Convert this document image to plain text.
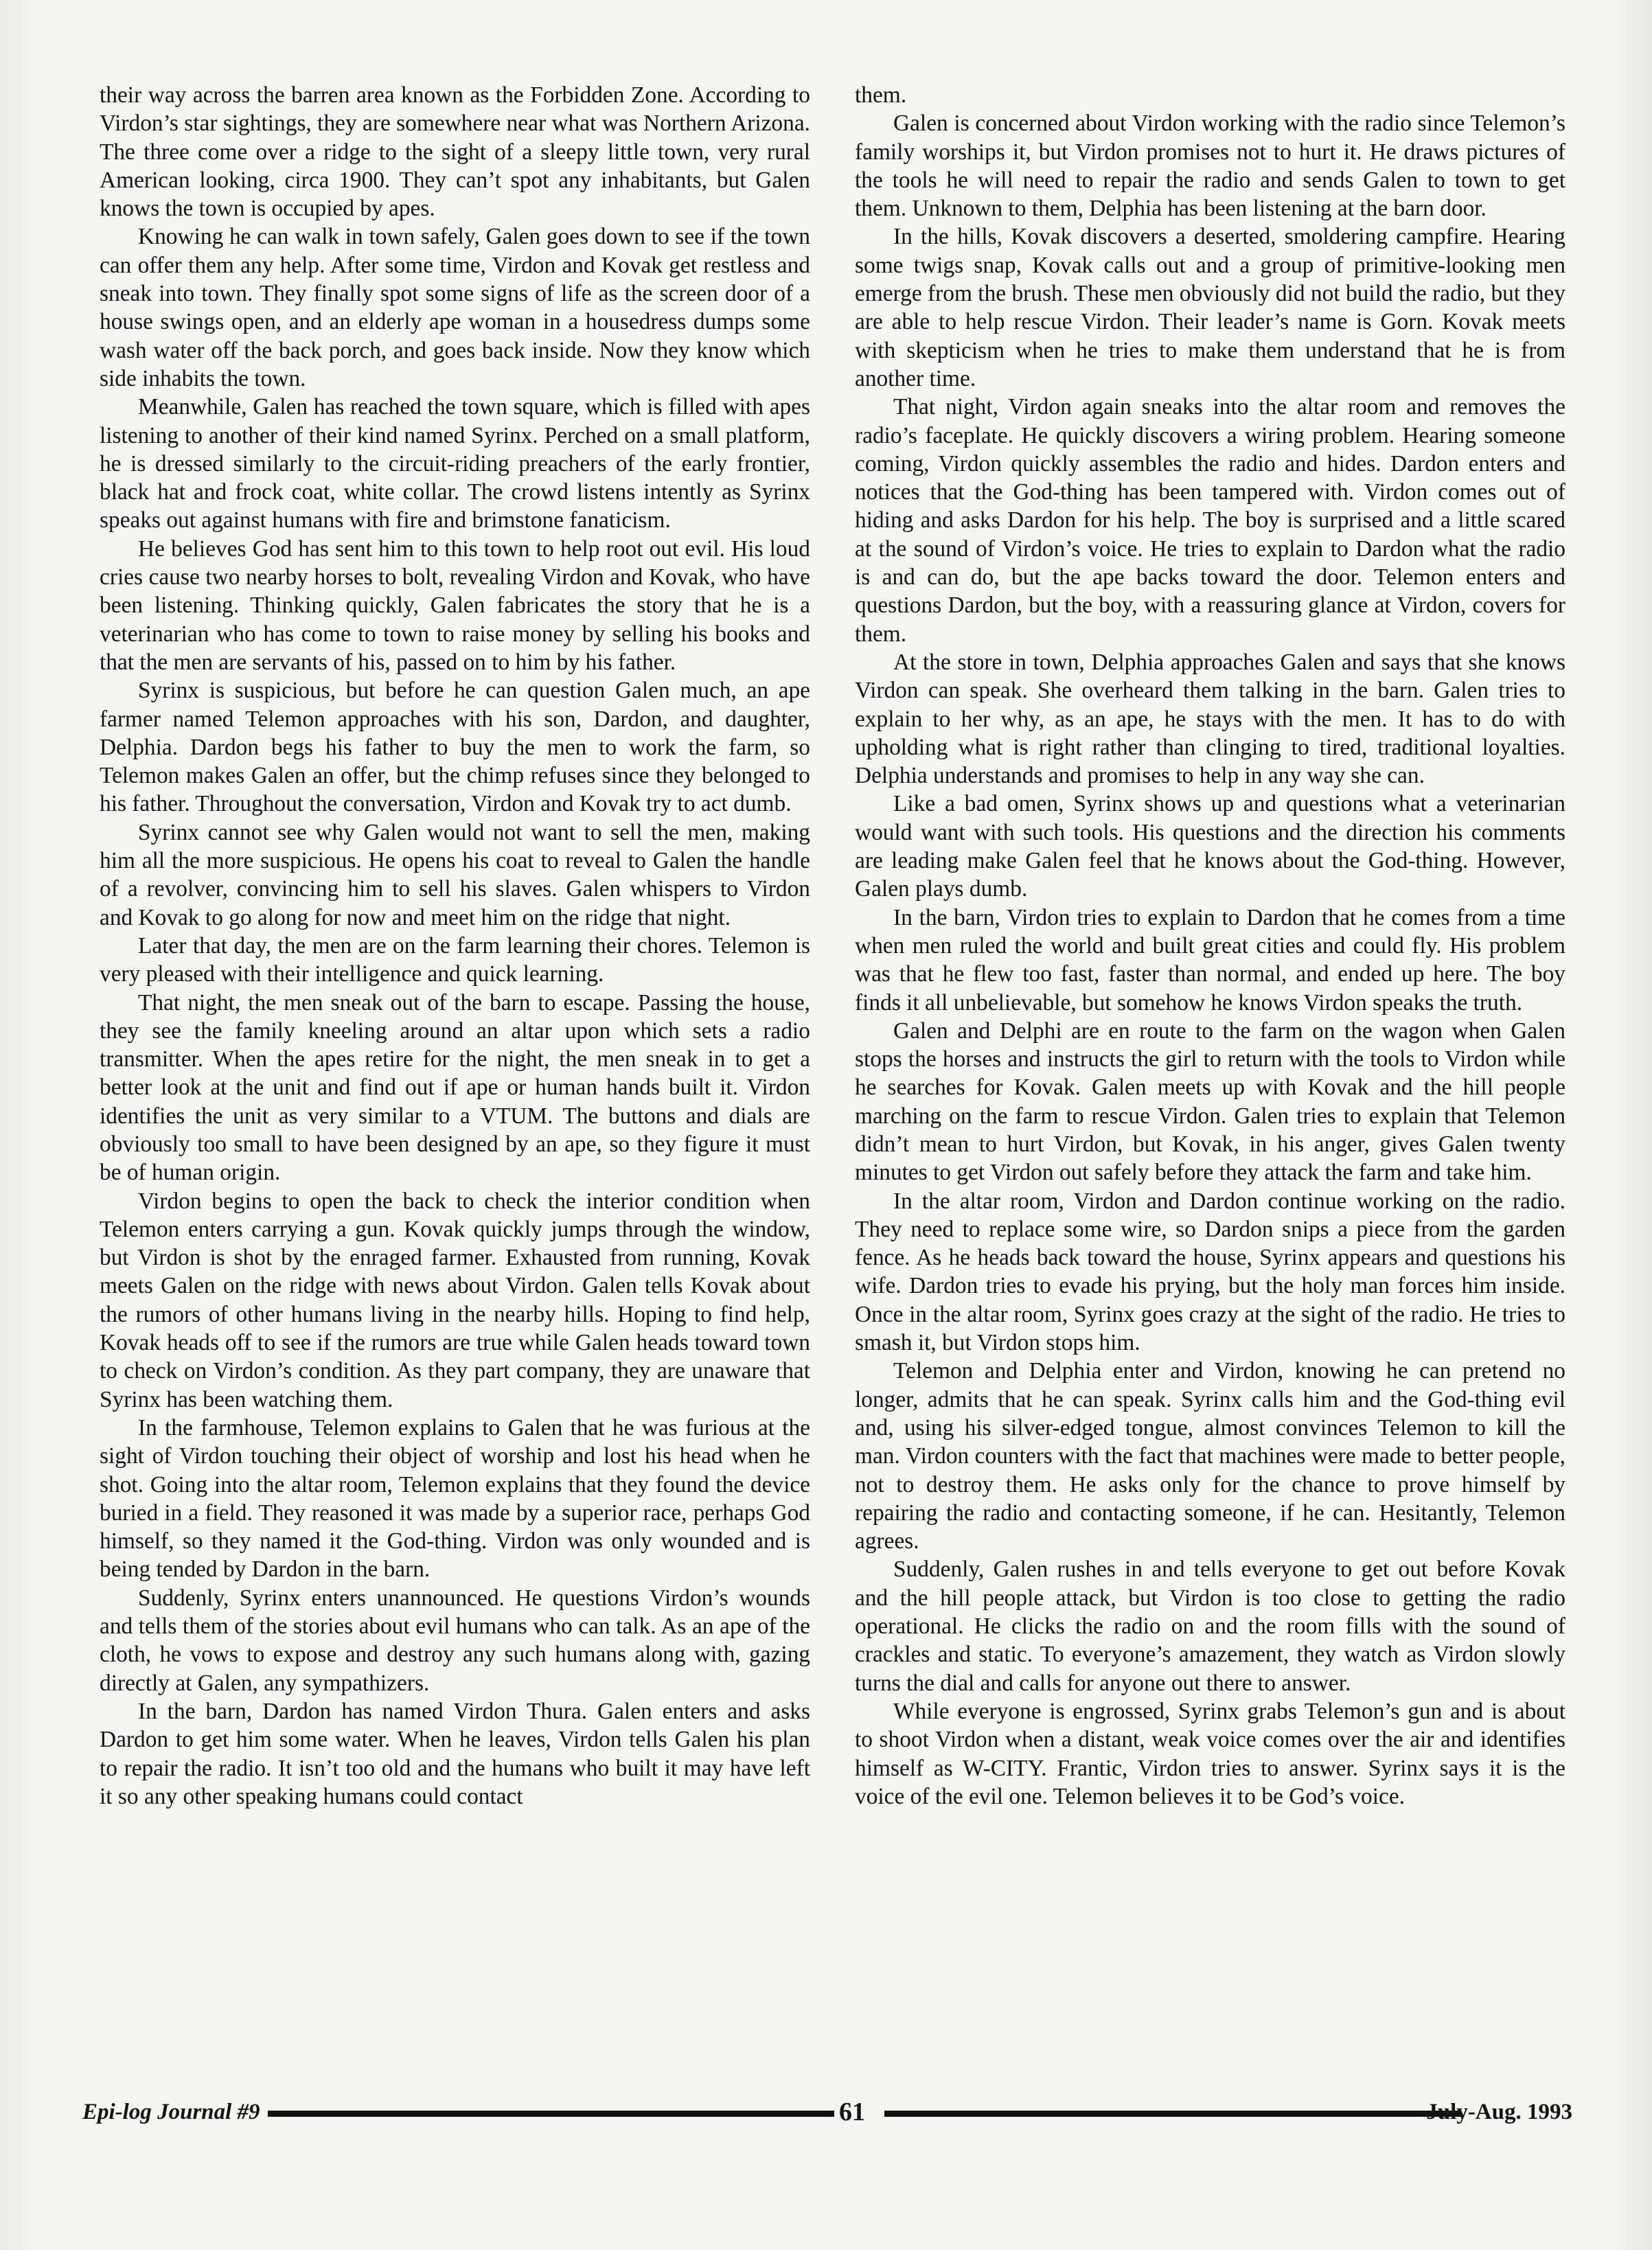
their way across the barren area known as the Forbidden Zone. According to Virdon’s star sightings, they are somewhere near what was Northern Arizona. The three come over a ridge to the sight of a sleepy little town, very rural American looking, circa 1900. They can’t spot any inhabitants, but Galen knows the town is occupied by apes.

Knowing he can walk in town safely, Galen goes down to see if the town can offer them any help. After some time, Virdon and Kovak get restless and sneak into town. They finally spot some signs of life as the screen door of a house swings open, and an elderly ape woman in a housedress dumps some wash water off the back porch, and goes back inside. Now they know which side inhabits the town.

Meanwhile, Galen has reached the town square, which is filled with apes listening to another of their kind named Syrinx. Perched on a small platform, he is dressed similarly to the circuit-riding preachers of the early frontier, black hat and frock coat, white collar. The crowd listens intently as Syrinx speaks out against humans with fire and brimstone fanaticism.

He believes God has sent him to this town to help root out evil. His loud cries cause two nearby horses to bolt, revealing Virdon and Kovak, who have been listening. Thinking quickly, Galen fabricates the story that he is a veterinarian who has come to town to raise money by selling his books and that the men are servants of his, passed on to him by his father.

Syrinx is suspicious, but before he can question Galen much, an ape farmer named Telemon approaches with his son, Dardon, and daughter, Delphia. Dardon begs his father to buy the men to work the farm, so Telemon makes Galen an offer, but the chimp refuses since they belonged to his father. Throughout the conversation, Virdon and Kovak try to act dumb.

Syrinx cannot see why Galen would not want to sell the men, making him all the more suspicious. He opens his coat to reveal to Galen the handle of a revolver, convincing him to sell his slaves. Galen whispers to Virdon and Kovak to go along for now and meet him on the ridge that night.

Later that day, the men are on the farm learning their chores. Telemon is very pleased with their intelligence and quick learning.

That night, the men sneak out of the barn to escape. Passing the house, they see the family kneeling around an altar upon which sets a radio transmitter. When the apes retire for the night, the men sneak in to get a better look at the unit and find out if ape or human hands built it. Virdon identifies the unit as very similar to a VTUM. The buttons and dials are obviously too small to have been designed by an ape, so they figure it must be of human origin.

Virdon begins to open the back to check the interior condition when Telemon enters carrying a gun. Kovak quickly jumps through the window, but Virdon is shot by the enraged farmer. Exhausted from running, Kovak meets Galen on the ridge with news about Virdon. Galen tells Kovak about the rumors of other humans living in the nearby hills. Hoping to find help, Kovak heads off to see if the rumors are true while Galen heads toward town to check on Virdon’s condition. As they part company, they are unaware that Syrinx has been watching them.

In the farmhouse, Telemon explains to Galen that he was furious at the sight of Virdon touching their object of worship and lost his head when he shot. Going into the altar room, Telemon explains that they found the device buried in a field. They reasoned it was made by a superior race, perhaps God himself, so they named it the God-thing. Virdon was only wounded and is being tended by Dardon in the barn.

Suddenly, Syrinx enters unannounced. He questions Virdon’s wounds and tells them of the stories about evil humans who can talk. As an ape of the cloth, he vows to expose and destroy any such humans along with, gazing directly at Galen, any sympathizers.

In the barn, Dardon has named Virdon Thura. Galen enters and asks Dardon to get him some water. When he leaves, Virdon tells Galen his plan to repair the radio. It isn’t too old and the humans who built it may have left it so any other speaking humans could contact

them.

Galen is concerned about Virdon working with the radio since Telemon’s family worships it, but Virdon promises not to hurt it. He draws pictures of the tools he will need to repair the radio and sends Galen to town to get them. Unknown to them, Delphia has been listening at the barn door.

In the hills, Kovak discovers a deserted, smoldering campfire. Hearing some twigs snap, Kovak calls out and a group of primitive-looking men emerge from the brush. These men obviously did not build the radio, but they are able to help rescue Virdon. Their leader’s name is Gorn. Kovak meets with skepticism when he tries to make them understand that he is from another time.

That night, Virdon again sneaks into the altar room and removes the radio’s faceplate. He quickly discovers a wiring problem. Hearing someone coming, Virdon quickly assembles the radio and hides. Dardon enters and notices that the God-thing has been tampered with. Virdon comes out of hiding and asks Dardon for his help. The boy is surprised and a little scared at the sound of Virdon’s voice. He tries to explain to Dardon what the radio is and can do, but the ape backs toward the door. Telemon enters and questions Dardon, but the boy, with a reassuring glance at Virdon, covers for them.

At the store in town, Delphia approaches Galen and says that she knows Virdon can speak. She overheard them talking in the barn. Galen tries to explain to her why, as an ape, he stays with the men. It has to do with upholding what is right rather than clinging to tired, traditional loyalties. Delphia understands and promises to help in any way she can.

Like a bad omen, Syrinx shows up and questions what a veterinarian would want with such tools. His questions and the direction his comments are leading make Galen feel that he knows about the God-thing. However, Galen plays dumb.

In the barn, Virdon tries to explain to Dardon that he comes from a time when men ruled the world and built great cities and could fly. His problem was that he flew too fast, faster than normal, and ended up here. The boy finds it all unbelievable, but somehow he knows Virdon speaks the truth.

Galen and Delphi are en route to the farm on the wagon when Galen stops the horses and instructs the girl to return with the tools to Virdon while he searches for Kovak. Galen meets up with Kovak and the hill people marching on the farm to rescue Virdon. Galen tries to explain that Telemon didn’t mean to hurt Virdon, but Kovak, in his anger, gives Galen twenty minutes to get Virdon out safely before they attack the farm and take him.

In the altar room, Virdon and Dardon continue working on the radio. They need to replace some wire, so Dardon snips a piece from the garden fence. As he heads back toward the house, Syrinx appears and questions his wife. Dardon tries to evade his prying, but the holy man forces him inside. Once in the altar room, Syrinx goes crazy at the sight of the radio. He tries to smash it, but Virdon stops him.

Telemon and Delphia enter and Virdon, knowing he can pretend no longer, admits that he can speak. Syrinx calls him and the God-thing evil and, using his silver-edged tongue, almost convinces Telemon to kill the man. Virdon counters with the fact that machines were made to better people, not to destroy them. He asks only for the chance to prove himself by repairing the radio and contacting someone, if he can. Hesitantly, Telemon agrees.

Suddenly, Galen rushes in and tells everyone to get out before Kovak and the hill people attack, but Virdon is too close to getting the radio operational. He clicks the radio on and the room fills with the sound of crackles and static. To everyone’s amazement, they watch as Virdon slowly turns the dial and calls for anyone out there to answer.

While everyone is engrossed, Syrinx grabs Telemon’s gun and is about to shoot Virdon when a distant, weak voice comes over the air and identifies himself as W-CITY. Frantic, Virdon tries to answer. Syrinx says it is the voice of the evil one. Telemon believes it to be God’s voice.

Epi-log Journal #9	61	July-Aug. 1993
